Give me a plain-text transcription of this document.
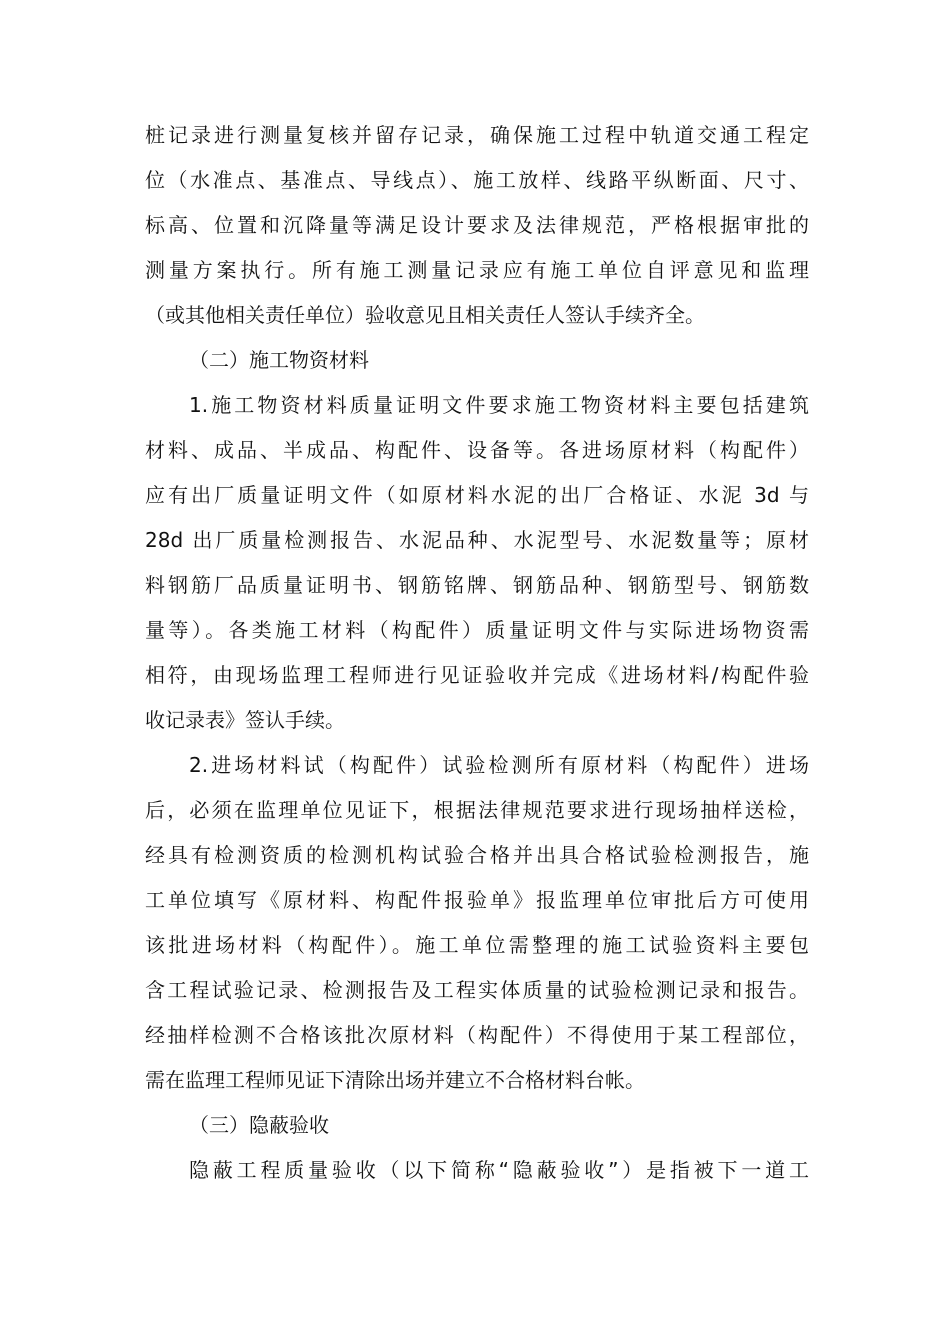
桩记录进行测量复核并留存记录，确保施工过程中轨道交通工程定
位（水准点、基准点、导线点）、施工放样、线路平纵断面、尺寸、
标高、位置和沉降量等满足设计要求及法律规范，严格根据审批的
测量方案执行。所有施工测量记录应有施工单位自评意见和监理
（或其他相关责任单位）验收意见且相关责任人签认手续齐全。
（二）施工物资材料
1.施工物资材料质量证明文件要求施工物资材料主要包括建筑
材料、成品、半成品、构配件、设备等。各进场原材料（构配件）
应有出厂质量证明文件（如原材料水泥的出厂合格证、水泥 3d 与
28d 出厂质量检测报告、水泥品种、水泥型号、水泥数量等；原材
料钢筋厂品质量证明书、钢筋铭牌、钢筋品种、钢筋型号、钢筋数
量等）。各类施工材料（构配件）质量证明文件与实际进场物资需
相符，由现场监理工程师进行见证验收并完成《进场材料/构配件验
收记录表》签认手续。
2.进场材料试（构配件）试验检测所有原材料（构配件）进场
后，必须在监理单位见证下，根据法律规范要求进行现场抽样送检，
经具有检测资质的检测机构试验合格并出具合格试验检测报告，施
工单位填写《原材料、构配件报验单》报监理单位审批后方可使用
该批进场材料（构配件）。施工单位需整理的施工试验资料主要包
含工程试验记录、检测报告及工程实体质量的试验检测记录和报告。
经抽样检测不合格该批次原材料（构配件）不得使用于某工程部位，
需在监理工程师见证下清除出场并建立不合格材料台帐。
（三）隐蔽验收
隐蔽工程质量验收（以下简称“隐蔽验收”）是指被下一道工
